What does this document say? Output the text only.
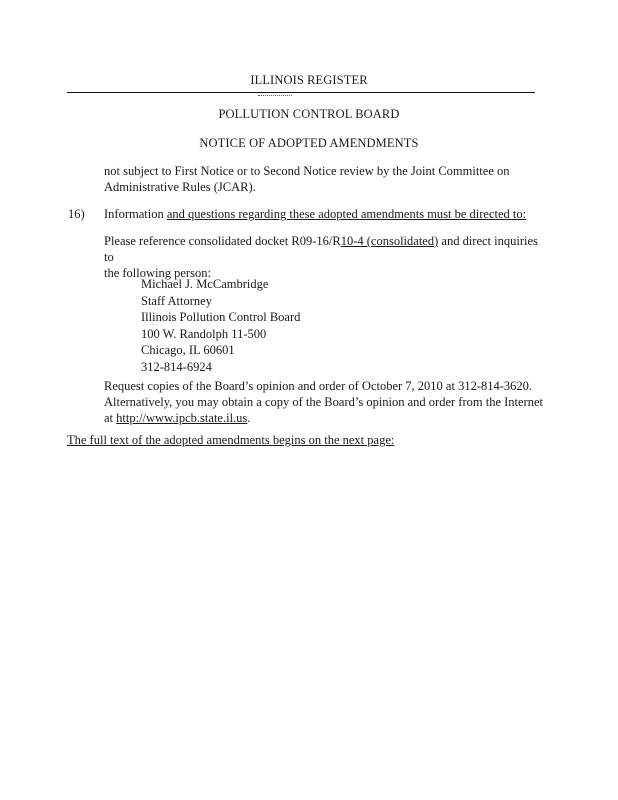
ILLINOIS REGISTER
POLLUTION CONTROL BOARD
NOTICE OF ADOPTED AMENDMENTS
not subject to First Notice or to Second Notice review by the Joint Committee on
Administrative Rules (JCAR).
16) Information and questions regarding these adopted amendments must be directed to:
Please reference consolidated docket R09-16/R10-4 (consolidated) and direct inquiries to
the following person:
Michael J. McCambridge
Staff Attorney
Illinois Pollution Control Board
100 W. Randolph 11-500
Chicago, IL 60601
312-814-6924
Request copies of the Board’s opinion and order of October 7, 2010 at 312-814-3620.
Alternatively, you may obtain a copy of the Board’s opinion and order from the Internet
at http://www.ipcb.state.il.us.
The full text of the adopted amendments begins on the next page:
